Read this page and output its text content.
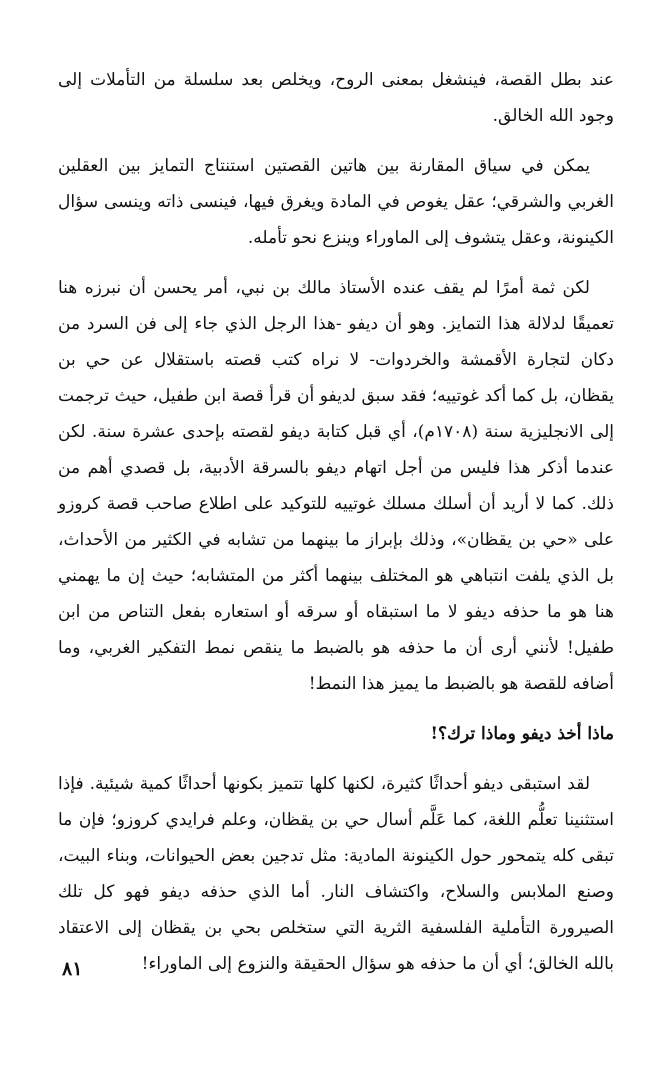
عند بطل القصة، فينشغل بمعنى الروح، ويخلص بعد سلسلة من التأملات إلى وجود الله الخالق.

يمكن في سياق المقارنة بين هاتين القصتين استنتاج التمايز بين العقلين الغربي والشرقي؛ عقل يغوص في المادة ويغرق فيها، فينسى ذاته وينسى سؤال الكينونة، وعقل يتشوف إلى الماوراء وينزع نحو تأمله.

لكن ثمة أمرًا لم يقف عنده الأستاذ مالك بن نبي، أمر يحسن أن نبرزه هنا تعميقًا لدلالة هذا التمايز. وهو أن ديفو -هذا الرجل الذي جاء إلى فن السرد من دكان لتجارة الأقمشة والخردوات- لا نراه كتب قصته باستقلال عن حي بن يقظان، بل كما أكد غوتييه؛ فقد سبق لديفو أن قرأ قصة ابن طفيل، حيث ترجمت إلى الانجليزية سنة (١٧٠٨م)، أي قبل كتابة ديفو لقصته بإحدى عشرة سنة. لكن عندما أذكر هذا فليس من أجل اتهام ديفو بالسرقة الأدبية، بل قصدي أهم من ذلك. كما لا أريد أن أسلك مسلك غوتييه للتوكيد على اطلاع صاحب قصة كروزو على «حي بن يقظان»، وذلك بإبراز ما بينهما من تشابه في الكثير من الأحداث، بل الذي يلفت انتباهي هو المختلف بينهما أكثر من المتشابه؛ حيث إن ما يهمني هنا هو ما حذفه ديفو لا ما استبقاه أو سرقه أو استعاره بفعل التناص من ابن طفيل! لأنني أرى أن ما حذفه هو بالضبط ما ينقص نمط التفكير الغربي، وما أضافه للقصة هو بالضبط ما يميز هذا النمط!

ماذا أخذ ديفو وماذا ترك؟!

لقد استبقى ديفو أحداثًا كثيرة، لكنها كلها تتميز بكونها أحداثًا كمية شيئية. فإذا استثنينا تعلُّم اللغة، كما عَلَّم أسال حي بن يقظان، وعلم فرايدي كروزو؛ فإن ما تبقى كله يتمحور حول الكينونة المادية: مثل تدجين بعض الحيوانات، وبناء البيت، وصنع الملابس والسلاح، واكتشاف النار. أما الذي حذفه ديفو فهو كل تلك الصيرورة التأملية الفلسفية الثرية التي ستخلص بحي بن يقظان إلى الاعتقاد بالله الخالق؛ أي أن ما حذفه هو سؤال الحقيقة والنزوع إلى الماوراء!

٨١
